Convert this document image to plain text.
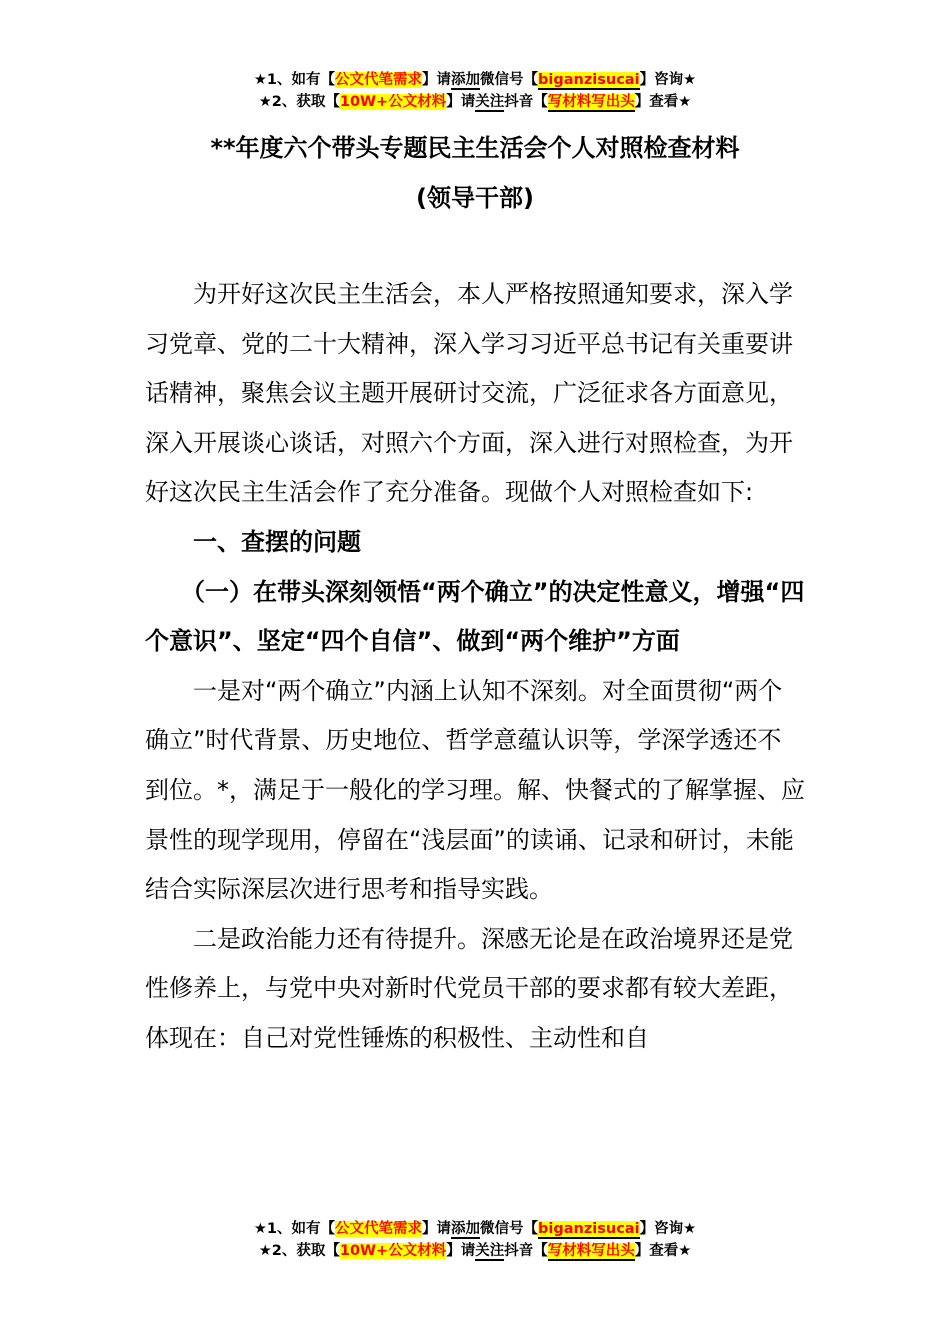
★1、如有【公文代笔需求】请添加微信号【biganzisucai】咨询★
★2、获取【10W+公文材料】请关注抖音【写材料写出头】查看★
**年度六个带头专题民主生活会个人对照检查材料
(领导干部)

为开好这次民主生活会，本人严格按照通知要求，深入学习党章、党的二十大精神，深入学习习近平总书记有关重要讲话精神，聚焦会议主题开展研讨交流，广泛征求各方面意见，深入开展谈心谈话，对照六个方面，深入进行对照检查，为开好这次民主生活会作了充分准备。现做个人对照检查如下:

一、查摆的问题

（一）在带头深刻领悟“两个确立”的决定性意义，增强“四个意识”、坚定“四个自信”、做到“两个维护”方面

一是对“两个确立”内涵上认知不深刻。对全面贯彻“两个确立”时代背景、历史地位、哲学意蕴认识等，学深学透还不到位。*，满足于一般化的学习理。解、快餐式的了解掌握、应景性的现学现用，停留在“浅层面”的读诵、记录和研讨，未能结合实际深层次进行思考和指导实践。

二是政治能力还有待提升。深感无论是在政治境界还是党性修养上，与党中央对新时代党员干部的要求都有较大差距，体现在：自己对党性锤炼的积极性、主动性和自

★1、如有【公文代笔需求】请添加微信号【biganzisucai】咨询★
★2、获取【10W+公文材料】请关注抖音【写材料写出头】查看★
